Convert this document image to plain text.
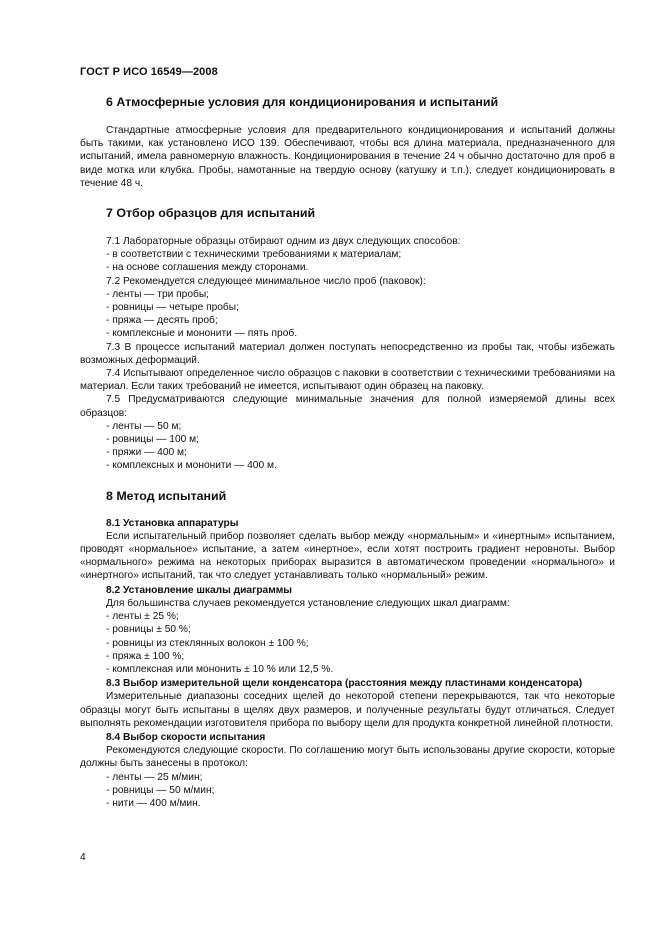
ГОСТ Р ИСО 16549—2008
6 Атмосферные условия для кондиционирования и испытаний

Стандартные атмосферные условия для предварительного кондиционирования и испытаний должны быть такими, как установлено ИСО 139. Обеспечивают, чтобы вся длина материала, предназначенного для испытаний, имела равномерную влажность. Кондиционирования в течение 24 ч обычно достаточно для проб в виде мотка или клубка. Пробы, намотанные на твердую основу (катушку и т.п.), следует кондиционировать в течение 48 ч.

7 Отбор образцов для испытаний

7.1 Лабораторные образцы отбирают одним из двух следующих способов:

- в соответствии с техническими требованиями к материалам;

- на основе соглашения между сторонами.

7.2 Рекомендуется следующее минимальное число проб (паковок):

- ленты — три пробы;

- ровницы — четыре пробы;

- пряжа — десять проб;

- комплексные и мононити — пять проб.

7.3 В процессе испытаний материал должен поступать непосредственно из пробы так, чтобы избежать возможных деформаций.

7.4 Испытывают определенное число образцов с паковки в соответствии с техническими требованиями на материал. Если таких требований не имеется, испытывают один образец на паковку.

7.5 Предусматриваются следующие минимальные значения для полной измеряемой длины всех образцов:

- ленты — 50 м;

- ровницы — 100 м;

- пряжи — 400 м;

- комплексных и мононити — 400 м.

8 Метод испытаний
8.1 Установка аппаратуры

Если испытательный прибор позволяет сделать выбор между «нормальным» и «инертным» испытанием, проводят «нормальное» испытание, а затем «инертное», если хотят построить градиент неровноты. Выбор «нормального» режима на некоторых приборах выразится в автоматическом проведении «нормального» и «инертного» испытаний, так что следует устанавливать только «нормальный» режим.

8.2 Установление шкалы диаграммы

Для большинства случаев рекомендуется установление следующих шкал диаграмм:

- ленты ± 25 %;

- ровницы ± 50 %;

- ровницы из стеклянных волокон ± 100 %;

- пряжа ± 100 %;

- комплексная или мононить ± 10 % или 12,5 %.

8.3 Выбор измерительной щели конденсатора (расстояния между пластинами конденсатора)

Измерительные диапазоны соседних щелей до некоторой степени перекрываются, так что некоторые образцы могут быть испытаны в щелях двух размеров, и полученные результаты будут отличаться. Следует выполнять рекомендации изготовителя прибора по выбору щели для продукта конкретной линейной плотности.

8.4 Выбор скорости испытания

Рекомендуются следующие скорости. По соглашению могут быть использованы другие скорости, которые должны быть занесены в протокол:

- ленты — 25 м/мин;

- ровницы — 50 м/мин;

- нити — 400 м/мин.

4
